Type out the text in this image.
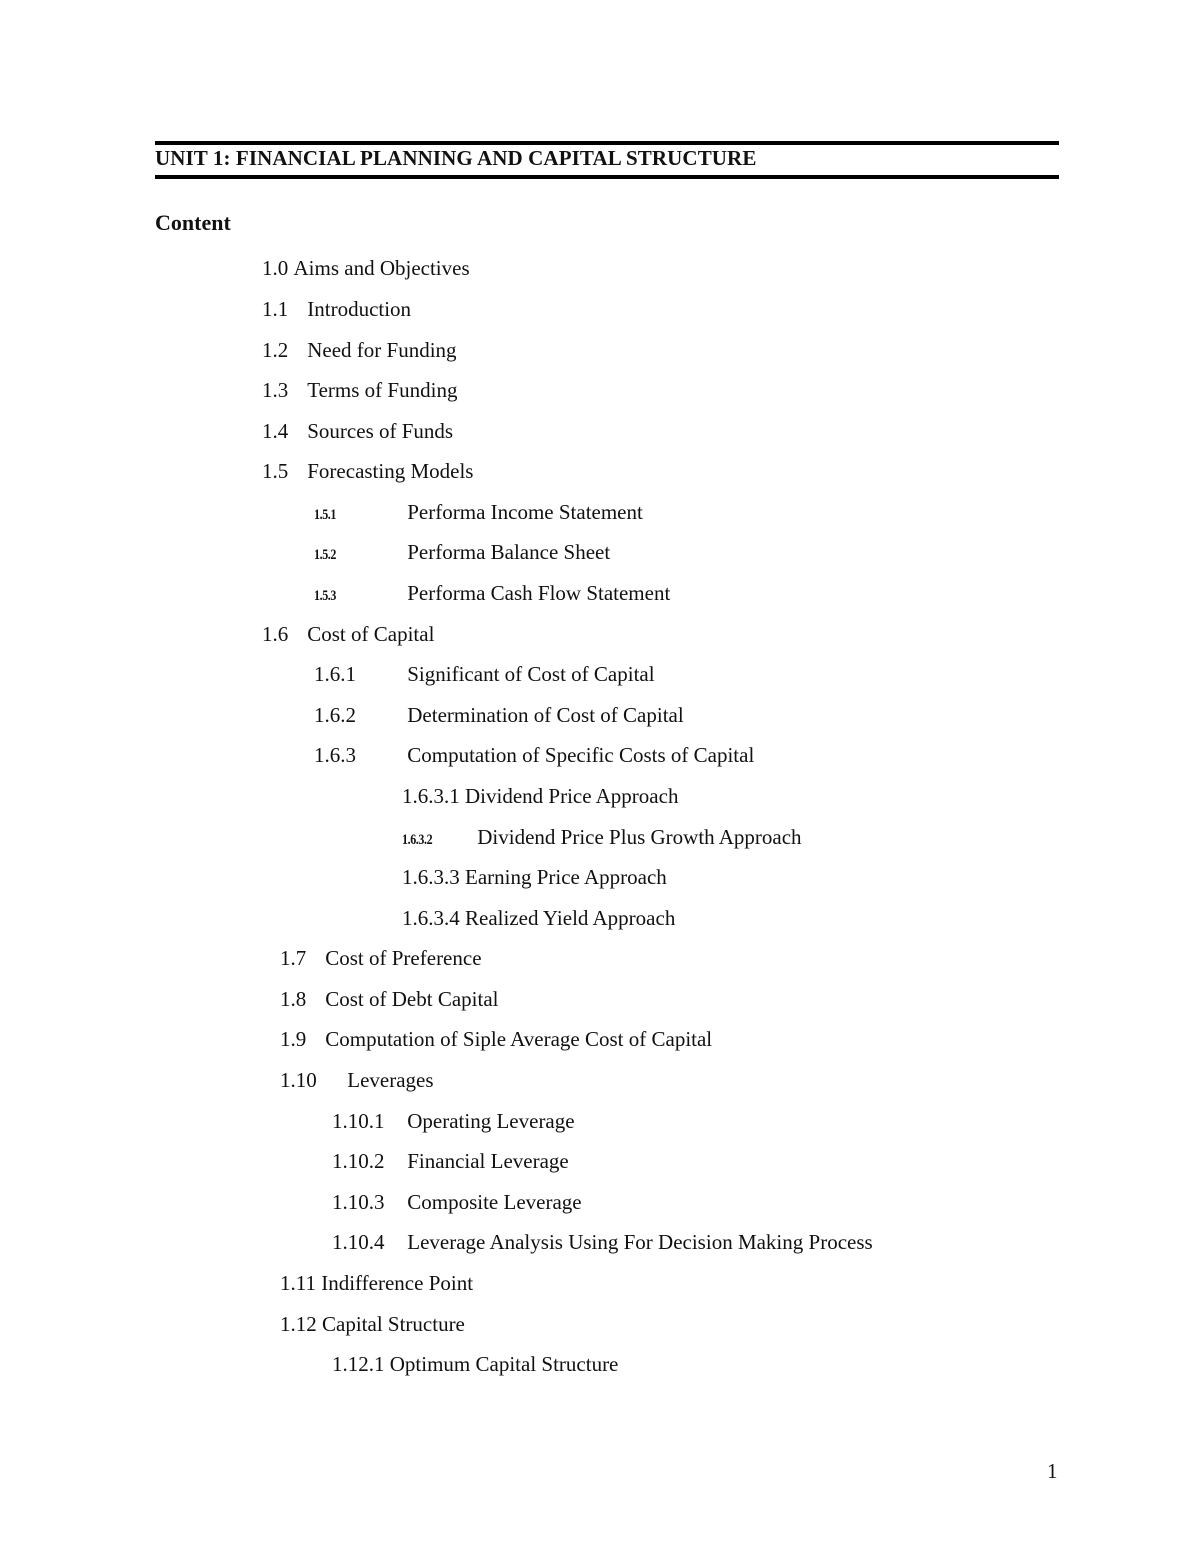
UNIT 1: FINANCIAL PLANNING AND CAPITAL STRUCTURE
Content
1.0 Aims and Objectives
1.1 Introduction
1.2 Need for Funding
1.3 Terms of Funding
1.4 Sources of Funds
1.5 Forecasting Models
1.5.1	Performa Income Statement
1.5.2	Performa Balance Sheet
1.5.3	Performa Cash Flow Statement
1.6 Cost of Capital
1.6.1 Significant of Cost of Capital
1.6.2 Determination of Cost of Capital
1.6.3 Computation of Specific Costs of Capital
1.6.3.1 Dividend Price Approach
1.6.3.2 Dividend Price Plus Growth Approach
1.6.3.3 Earning Price Approach
1.6.3.4 Realized Yield Approach
1.7 Cost of Preference
1.8 Cost of Debt Capital
1.9 Computation of Siple Average Cost of Capital
1.10 Leverages
1.10.1 Operating Leverage
1.10.2 Financial Leverage
1.10.3 Composite Leverage
1.10.4 Leverage Analysis Using For Decision Making Process
1.11 Indifference Point
1.12 Capital Structure
1.12.1 Optimum Capital Structure
1
